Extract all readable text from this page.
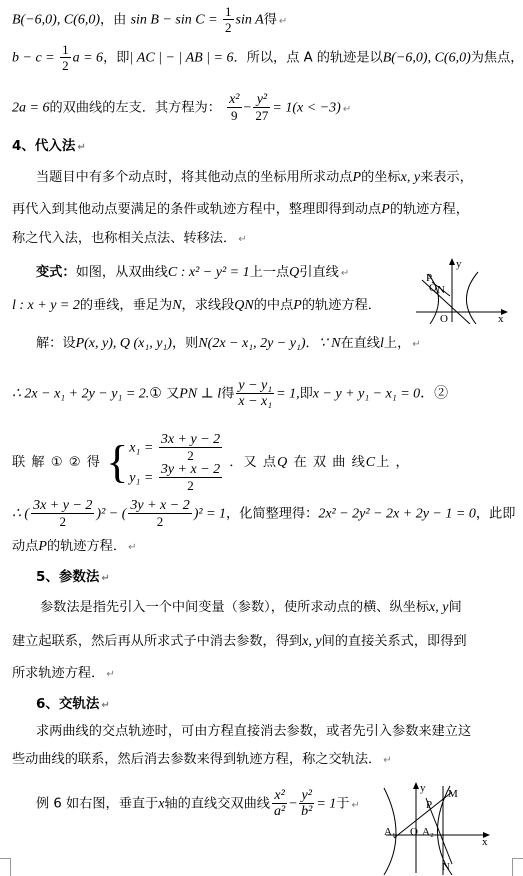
B(−6,0), C(6,0)，由 $\sin B - \sin C = \frac{1}{2}$ sin A得 ↵
$b - c = \frac{1}{2}$ a = 6，即| AC | − | AB | = 6．所以，点 A 的轨迹是以B(−6,0), C(6,0)为焦点，
2a = 6的双曲线的左支．其方程为： $\frac{\text{x²}}{9} - \frac{\text{y²}}{27} = 1(x < -3)$ ↵
4、代入法 ↵
当题目中有多个动点时，将其他动点的坐标用所求动点P的坐标x, y来表示，
再代入到其他动点要满足的条件或轨迹方程中，整理即得到动点P的轨迹方程，
称之代入法，也称相关点法、转移法． ↵
变式：如图，从双曲线C : x² − y² = 1上一点Q引直线 ↵
l : x + y = 2的垂线，垂足为N，求线段QN的中点P的轨迹方程．
y
P
Q N
O	x
解：设P(x, y), Q (x₁, y₁)，则N(2x − x₁, 2y − y₁)．∵ N在直线l上， ↵
∴ 2x − x₁ + 2y − y₁ = 2.① 又PN ⊥ l得 $\frac{\text{y − y₁}}{\text{x − x₁}} = 1$,即x − y + y₁ − x₁ = 0．②
联 解 ① ② 得 { $x_1 = \frac{3x + y - 2}{2}$
$y_1 = \frac{3y + x - 2}{2}$ ．又 点Q 在 双 曲 线C上 ，
∴ ( $\frac{3x + y - 2}{2} )^2$ − ( $\frac{3y + x - 2}{2} )^2 = 1$，化简整理得：2x² − 2y² − 2x + 2y − 1 = 0，此即
动点P的轨迹方程． ↵
5、参数法 ↵
参数法是指先引入一个中间变量（参数），使所求动点的横、纵坐标x, y间
建立起联系，然后再从所求式子中消去参数，得到x, y间的直接关系式，即得到
所求轨迹方程． ↵
6、交轨法 ↵
求两曲线的交点轨迹时，可由方程直接消去参数，或者先引入参数来建立这
些动曲线的联系，然后消去参数来得到轨迹方程，称之交轨法． ↵
例 6 如右图，垂直于x轴的直线交双曲线 $\frac{\text{x²}}{\text{a²}} - \frac{\text{y²}}{\text{b²}} = 1$于 ↵
y M
P
A₁ O A₂
x
N
